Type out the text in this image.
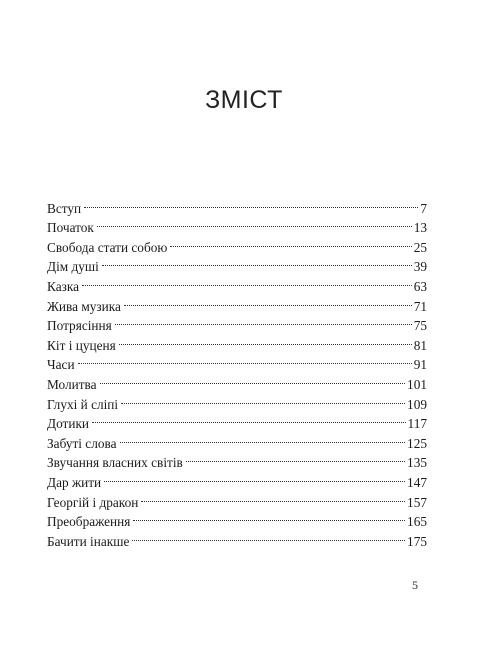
ЗМІСТ
Вступ	7
Початок	13
Свобода стати собою	25
Дім душі	39
Казка	63
Жива музика	71
Потрясіння	75
Кіт і цуценя	81
Часи	91
Молитва	101
Глухі й сліпі	109
Дотики	117
Забуті слова	125
Звучання власних світів	135
Дар жити	147
Георгій і дракон	157
Преображення	165
Бачити інакше	175
5
